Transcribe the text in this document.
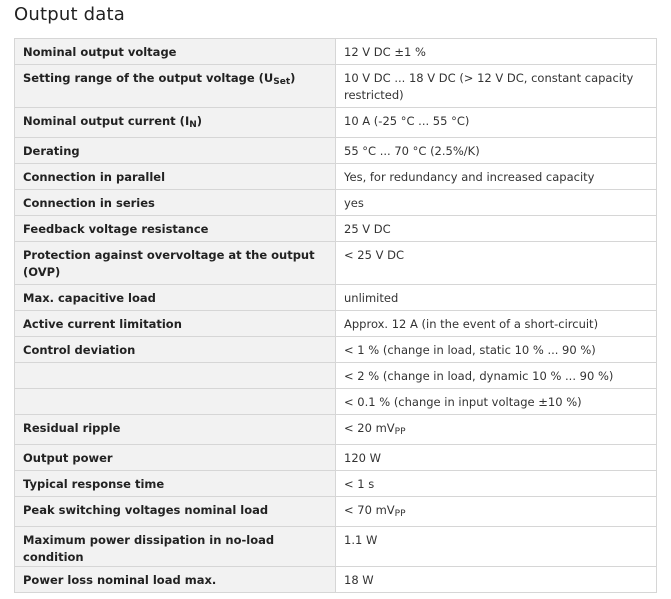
Output data
Nominal output voltage	12 V DC ±1 %

Setting range of the output voltage $(U_{Set})$	10 V DC ... 18 V DC (> 12 V DC, constant capacity restricted)

Nominal output current $(I_N)$	10 A (-25 °C ... 55 °C)

Derating	55 °C ... 70 °C (2.5%/K)

Connection in parallel	Yes, for redundancy and increased capacity

Connection in series	yes

Feedback voltage resistance	25 V DC

Protection against overvoltage at the output (OVP)	< 25 V DC

Max. capacitive load	unlimited

Active current limitation	Approx. 12 A (in the event of a short-circuit)

Control deviation	< 1 % (change in load, static 10 % ... 90 %)

	< 2 % (change in load, dynamic 10 % ... 90 %)

	< 0.1 % (change in input voltage ±10 %)

Residual ripple	< 20 $mV_{PP}$

Output power	120 W

Typical response time	< 1 s

Peak switching voltages nominal load	< 70 $mV_{PP}$

Maximum power dissipation in no-load condition	1.1 W

Power loss nominal load max.	18 W
